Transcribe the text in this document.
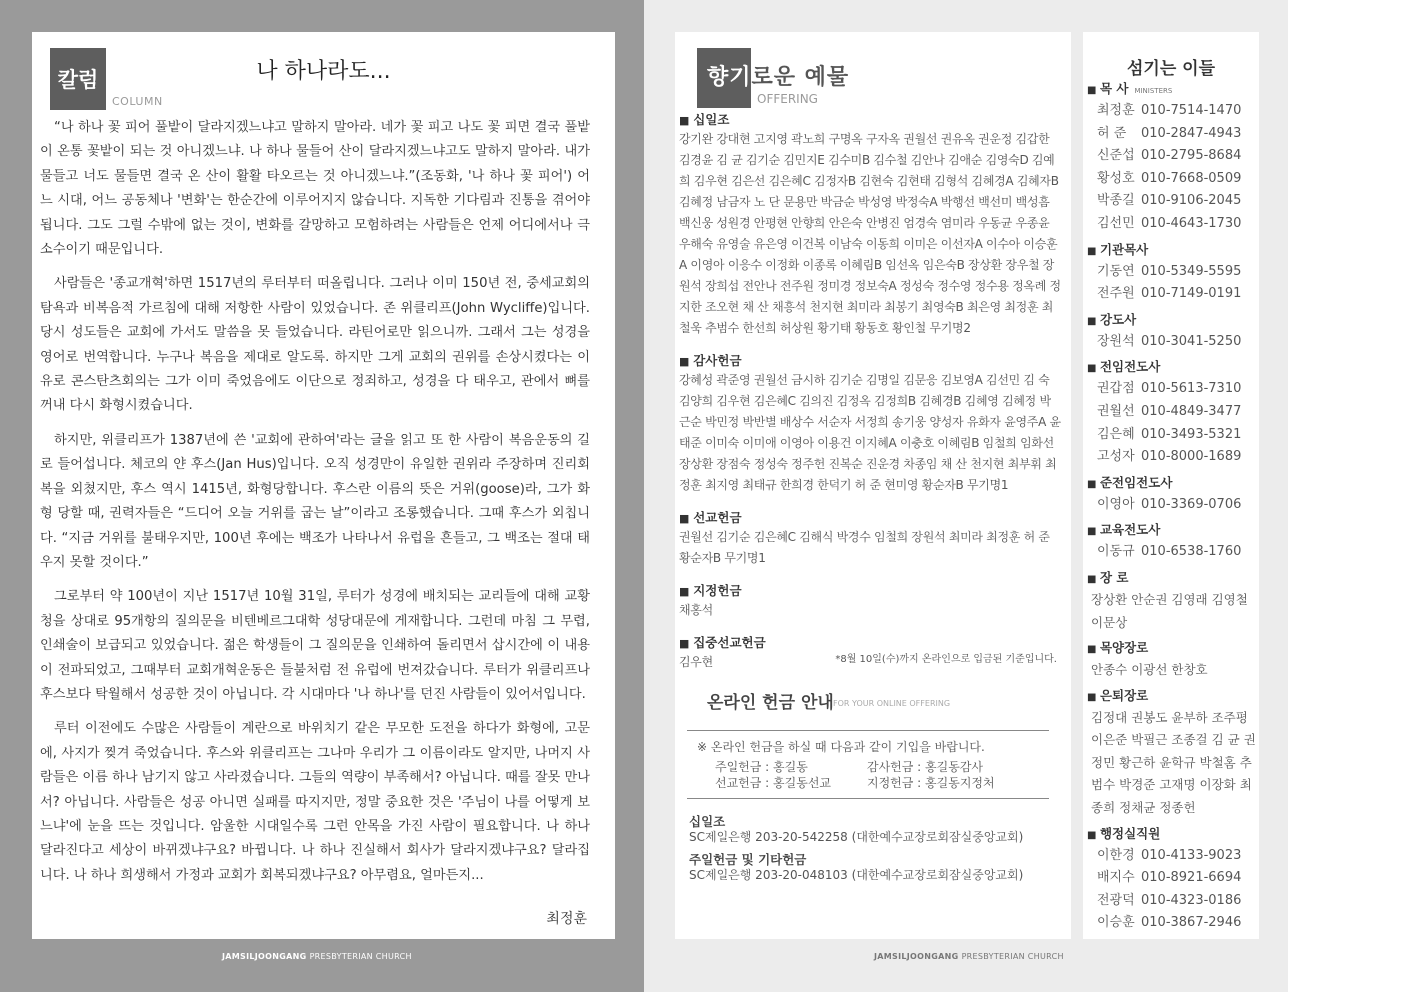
칼럼
COLUMN
나 하나라도...

“나 하나 꽃 피어 풀밭이 달라지겠느냐고 말하지 말아라. 네가 꽃 피고 나도 꽃 피면 결국 풀밭이 온통 꽃밭이 되는 것 아니겠느냐. 나 하나 물들어 산이 달라지겠느냐고도 말하지 말아라. 내가 물들고 너도 물들면 결국 온 산이 활활 타오르는 것 아니겠느냐.”(조동화, '나 하나 꽃 피어') 어느 시대, 어느 공동체나 '변화'는 한순간에 이루어지지 않습니다. 지독한 기다림과 진통을 겪어야 됩니다. 그도 그럴 수밖에 없는 것이, 변화를 갈망하고 모험하려는 사람들은 언제 어디에서나 극소수이기 때문입니다.

사람들은 '종교개혁'하면 1517년의 루터부터 떠올립니다. 그러나 이미 150년 전, 중세교회의 탐욕과 비복음적 가르침에 대해 저항한 사람이 있었습니다. 존 위클리프(John Wycliffe)입니다. 당시 성도들은 교회에 가서도 말씀을 못 들었습니다. 라틴어로만 읽으니까. 그래서 그는 성경을 영어로 번역합니다. 누구나 복음을 제대로 알도록. 하지만 그게 교회의 권위를 손상시켰다는 이유로 콘스탄츠회의는 그가 이미 죽었음에도 이단으로 정죄하고, 성경을 다 태우고, 관에서 뼈를 꺼내 다시 화형시켰습니다.

하지만, 위클리프가 1387년에 쓴 '교회에 관하여'라는 글을 읽고 또 한 사람이 복음운동의 길로 들어섭니다. 체코의 얀 후스(Jan Hus)입니다. 오직 성경만이 유일한 권위라 주장하며 진리회복을 외쳤지만, 후스 역시 1415년, 화형당합니다. 후스란 이름의 뜻은 거위(goose)라, 그가 화형 당할 때, 권력자들은 “드디어 오늘 거위를 굽는 날”이라고 조롱했습니다. 그때 후스가 외칩니다. “지금 거위를 불태우지만, 100년 후에는 백조가 나타나서 유럽을 흔들고, 그 백조는 절대 태우지 못할 것이다.”

그로부터 약 100년이 지난 1517년 10월 31일, 루터가 성경에 배치되는 교리들에 대해 교황청을 상대로 95개항의 질의문을 비텐베르그대학 성당대문에 게재합니다. 그런데 마침 그 무렵, 인쇄술이 보급되고 있었습니다. 젊은 학생들이 그 질의문을 인쇄하여 돌리면서 삽시간에 이 내용이 전파되었고, 그때부터 교회개혁운동은 들불처럼 전 유럽에 번져갔습니다. 루터가 위클리프나 후스보다 탁월해서 성공한 것이 아닙니다. 각 시대마다 '나 하나'를 던진 사람들이 있어서입니다.

루터 이전에도 수많은 사람들이 계란으로 바위치기 같은 무모한 도전을 하다가 화형에, 고문에, 사지가 찢겨 죽었습니다. 후스와 위클리프는 그나마 우리가 그 이름이라도 알지만, 나머지 사람들은 이름 하나 남기지 않고 사라졌습니다. 그들의 역량이 부족해서? 아닙니다. 때를 잘못 만나서? 아닙니다. 사람들은 성공 아니면 실패를 따지지만, 정말 중요한 것은 '주님이 나를 어떻게 보느냐'에 눈을 뜨는 것입니다. 암울한 시대일수록 그런 안목을 가진 사람이 필요합니다. 나 하나 달라진다고 세상이 바뀌겠냐구요? 바뀝니다. 나 하나 진실해서 회사가 달라지겠냐구요? 달라집니다. 나 하나 희생해서 가정과 교회가 회복되겠냐구요? 아무렴요, 얼마든지...

최정훈
향기로운 예물
OFFERING
■ 십일조
강기완 강대현 고지영 곽노희 구명옥 구자옥 권월선 권유옥 권운정 김갑한 김경윤 김 균 김기순 김민지E 김수미B 김수철 김안나 김애순 김영숙D 김예희 김우현 김은선 김은혜C 김정자B 김현숙 김현태 김형석 김혜경A 김혜자B 김혜정 남금자 노 단 문용만 박금순 박성영 박정숙A 박행선 백선미 백성흠 백신웅 성원경 안평현 안향희 안은숙 안병진 엄경숙 염미라 우동균 우종윤 우해숙 유영술 유은영 이건복 이남숙 이동희 이미은 이선자A 이수아 이승훈A 이영아 이응수 이정화 이종록 이혜림B 임선옥 임은숙B 장상환 장우철 장원석 장희섭 전안나 전주원 정미경 정보숙A 정성숙 정수영 정수용 정옥례 정지한 조오현 채 산 채흥석 천지현 최미라 최봉기 최영숙B 최은영 최정훈 최철욱 추범수 한선희 허상원 황기태 황동호 황인철 무기명2
■ 감사헌금
강혜성 곽준영 권월선 금시하 김기순 김명일 김문응 김보영A 김선민 김 숙 김양희 김우현 김은혜C 김의진 김정옥 김정희B 김혜경B 김혜영 김혜정 박근순 박민정 박반별 배상수 서순자 서정희 송기웅 양성자 유화자 윤영주A 윤태준 이미숙 이미애 이영아 이용건 이지혜A 이충호 이혜림B 임철희 임화선 장상환 장점숙 정성숙 정주헌 진복순 진운경 차종임 채 산 천지현 최부휘 최정훈 최지영 최태규 한희경 한덕기 허 준 현미영 황순자B 무기명1
■ 선교헌금
권월선 김기순 김은혜C 김해식 박경수 임철희 장원석 최미라 최정훈 허 준 황순자B 무기명1
■ 지정헌금
채홍석
■ 집중선교헌금
김우현	*8월 10일(수)까지 온라인으로 입금된 기준입니다.
온라인 헌금 안내 FOR YOUR ONLINE OFFERING
※ 온라인 헌금을 하실 때 다음과 같이 기입을 바랍니다.
주일헌금 : 홍길동	감사헌금 : 홍길동감사
선교헌금 : 홍길동선교	지정헌금 : 홍길동지정처
십일조
SC제일은행 203-20-542258 (대한예수교장로회잠실중앙교회)
주일헌금 및 기타헌금
SC제일은행 203-20-048103 (대한예수교장로회잠실중앙교회)
섬기는 이들
■ 목 사 MINISTERS
최정훈 010-7514-1470
허 준 010-2847-4943
신준섭 010-2795-8684
황성호 010-7668-0509
박종길 010-9106-2045
김선민 010-4643-1730
■ 기관목사
기동연 010-5349-5595
전주원 010-7149-0191
■ 강도사
장원석 010-3041-5250
■ 전임전도사
권갑점 010-5613-7310
권월선 010-4849-3477
김은혜 010-3493-5321
고성자 010-8000-1689
■ 준전임전도사
이영아 010-3369-0706
■ 교육전도사
이동규 010-6538-1760
■ 장 로
장상환 안순권 김영래 김영철 이문상
■ 목양장로
안종수 이광선 한창호
■ 은퇴장로
김정대 권봉도 윤부하 조주평 이은준 박필근 조종걸 김 균 권정민 황근하 윤학규 박철홈 추범수 박경준 고재명 이장화 최종희 정채균 정종헌
■ 행정실직원
이한경 010-4133-9023
배지수 010-8921-6694
전광덕 010-4323-0186
이승훈 010-3867-2946
JAMSILJOONGANG PRESBYTERIAN CHURCH	JAMSILJOONGANG PRESBYTERIAN CHURCH
